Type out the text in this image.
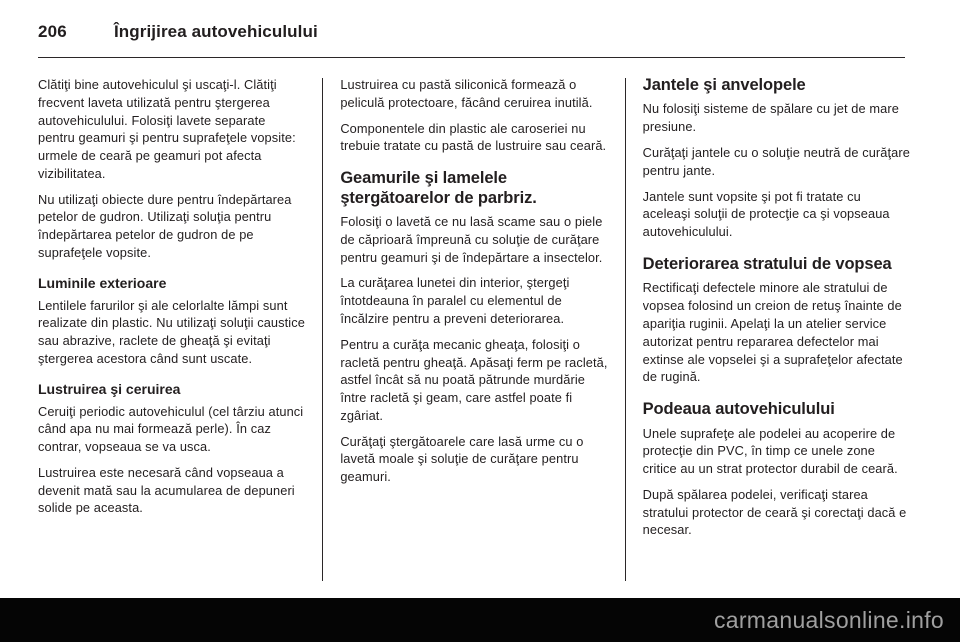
206	Îngrijirea autovehiculului

Clătiţi bine autovehiculul şi uscaţi-l. Clătiţi frecvent laveta utilizată pentru ştergerea autovehiculului. Folosiţi lavete separate pentru geamuri şi pentru suprafeţele vopsite: urmele de ceară pe geamuri pot afecta vizibilitatea.

Nu utilizaţi obiecte dure pentru îndepărtarea petelor de gudron. Utilizaţi soluţia pentru îndepărtarea petelor de gudron de pe suprafeţele vopsite.

Luminile exterioare

Lentilele farurilor şi ale celorlalte lămpi sunt realizate din plastic. Nu utilizaţi soluţii caustice sau abrazive, raclete de gheaţă şi evitaţi ştergerea acestora când sunt uscate.

Lustruirea şi ceruirea

Ceruiţi periodic autovehiculul (cel târziu atunci când apa nu mai formează perle). În caz contrar, vopseaua se va usca.

Lustruirea este necesară când vopseaua a devenit mată sau la acumularea de depuneri solide pe aceasta.

Lustruirea cu pastă siliconică formează o peliculă protectoare, făcând ceruirea inutilă.

Componentele din plastic ale caroseriei nu trebuie tratate cu pastă de lustruire sau ceară.

Geamurile şi lamelele ştergătoarelor de parbriz.

Folosiţi o lavetă ce nu lasă scame sau o piele de căprioară împreună cu soluţie de curăţare pentru geamuri şi de îndepărtare a insectelor.

La curăţarea lunetei din interior, ştergeţi întotdeauna în paralel cu elementul de încălzire pentru a preveni deteriorarea.

Pentru a curăţa mecanic gheaţa, folosiţi o racletă pentru gheaţă. Apăsaţi ferm pe racletă, astfel încât să nu poată pătrunde murdărie între racletă şi geam, care astfel poate fi zgâriat.

Curăţaţi ştergătoarele care lasă urme cu o lavetă moale şi soluţie de curăţare pentru geamuri.

Jantele şi anvelopele

Nu folosiţi sisteme de spălare cu jet de mare presiune.

Curăţaţi jantele cu o soluţie neutră de curăţare pentru jante.

Jantele sunt vopsite şi pot fi tratate cu aceleaşi soluţii de protecţie ca şi vopseaua autovehiculului.

Deteriorarea stratului de vopsea

Rectificaţi defectele minore ale stratului de vopsea folosind un creion de retuş înainte de apariţia ruginii. Apelaţi la un atelier service autorizat pentru repararea defectelor mai extinse ale vopselei şi a suprafeţelor afectate de rugină.

Podeaua autovehiculului

Unele suprafeţe ale podelei au acoperire de protecţie din PVC, în timp ce unele zone critice au un strat protector durabil de ceară.

După spălarea podelei, verificaţi starea stratului protector de ceară şi corectaţi dacă e necesar.

carmanualsonline.info
